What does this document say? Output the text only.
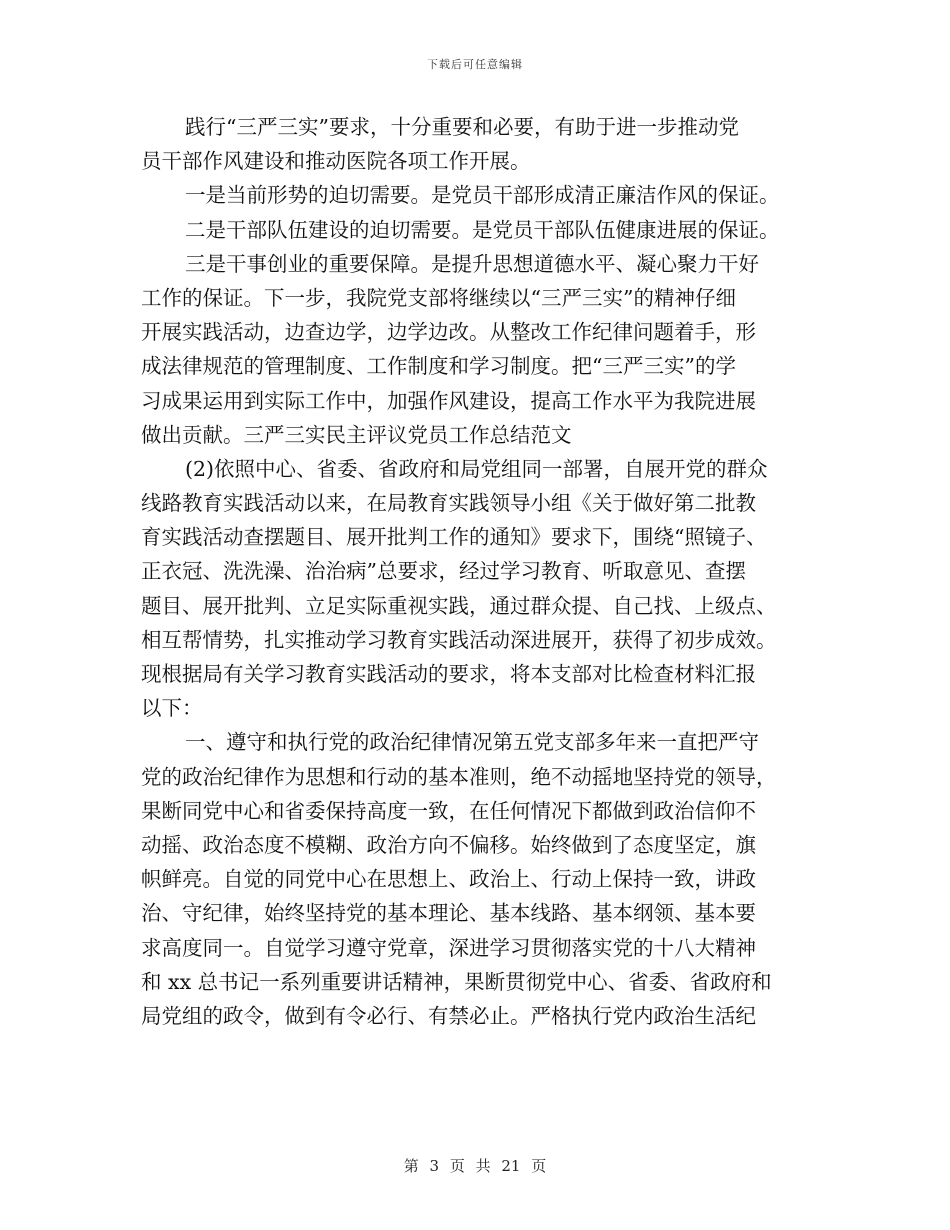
下载后可任意编辑
践行“三严三实”要求，十分重要和必要，有助于进一步推动党
员干部作风建设和推动医院各项工作开展。
一是当前形势的迫切需要。是党员干部形成清正廉洁作风的保证。
二是干部队伍建设的迫切需要。是党员干部队伍健康进展的保证。
三是干事创业的重要保障。是提升思想道德水平、凝心聚力干好
工作的保证。下一步，我院党支部将继续以“三严三实”的精神仔细
开展实践活动，边查边学，边学边改。从整改工作纪律问题着手，形
成法律规范的管理制度、工作制度和学习制度。把“三严三实”的学
习成果运用到实际工作中，加强作风建设，提高工作水平为我院进展
做出贡献。三严三实民主评议党员工作总结范文
(2)依照中心、省委、省政府和局党组同一部署，自展开党的群众
线路教育实践活动以来，在局教育实践领导小组《关于做好第二批教
育实践活动查摆题目、展开批判工作的通知》要求下，围绕“照镜子、
正衣冠、洗洗澡、治治病”总要求，经过学习教育、听取意见、查摆
题目、展开批判、立足实际重视实践，通过群众提、自己找、上级点、
相互帮情势，扎实推动学习教育实践活动深进展开，获得了初步成效。
现根据局有关学习教育实践活动的要求，将本支部对比检查材料汇报
以下：
一、遵守和执行党的政治纪律情况第五党支部多年来一直把严守
党的政治纪律作为思想和行动的基本准则，绝不动摇地坚持党的领导，
果断同党中心和省委保持高度一致，在任何情况下都做到政治信仰不
动摇、政治态度不模糊、政治方向不偏移。始终做到了态度坚定，旗
帜鲜亮。自觉的同党中心在思想上、政治上、行动上保持一致，讲政
治、守纪律，始终坚持党的基本理论、基本线路、基本纲领、基本要
求高度同一。自觉学习遵守党章，深进学习贯彻落实党的十八大精神
和 xx 总书记一系列重要讲话精神，果断贯彻党中心、省委、省政府和
局党组的政令，做到有令必行、有禁必止。严格执行党内政治生活纪
第 3 页 共 21 页
